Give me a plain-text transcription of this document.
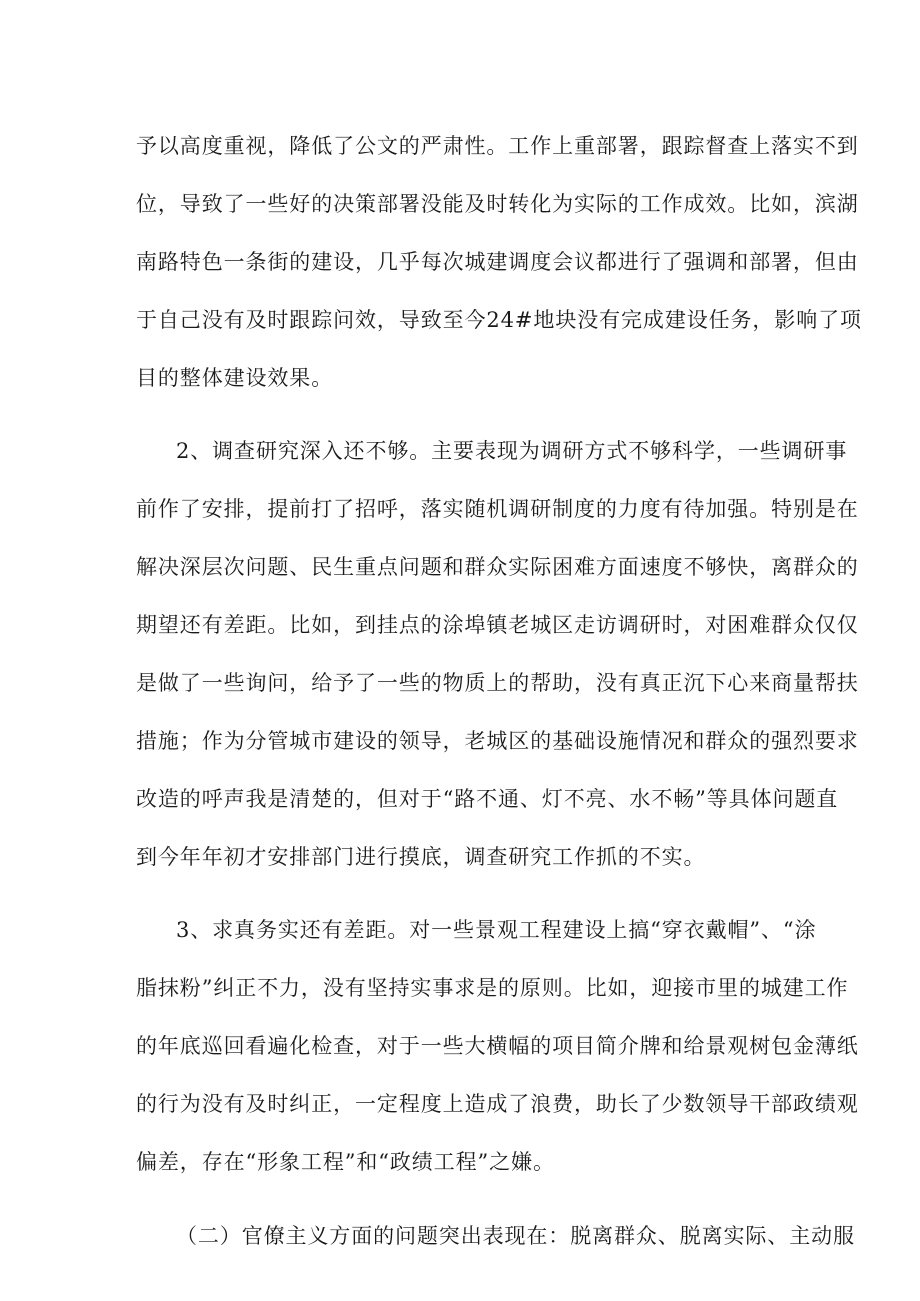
予以高度重视，降低了公文的严肃性。工作上重部署，跟踪督查上落实不到
位，导致了一些好的决策部署没能及时转化为实际的工作成效。比如，滨湖
南路特色一条街的建设，几乎每次城建调度会议都进行了强调和部署，但由
于自己没有及时跟踪问效，导致至今24#地块没有完成建设任务，影响了项
目的整体建设效果。
2、调查研究深入还不够。主要表现为调研方式不够科学，一些调研事
前作了安排，提前打了招呼，落实随机调研制度的力度有待加强。特别是在
解决深层次问题、民生重点问题和群众实际困难方面速度不够快，离群众的
期望还有差距。比如，到挂点的涂埠镇老城区走访调研时，对困难群众仅仅
是做了一些询问，给予了一些的物质上的帮助，没有真正沉下心来商量帮扶
措施；作为分管城市建设的领导，老城区的基础设施情况和群众的强烈要求
改造的呼声我是清楚的，但对于“路不通、灯不亮、水不畅”等具体问题直
到今年年初才安排部门进行摸底，调查研究工作抓的不实。
3、求真务实还有差距。对一些景观工程建设上搞“穿衣戴帽”、“涂
脂抹粉”纠正不力，没有坚持实事求是的原则。比如，迎接市里的城建工作
的年底巡回看遍化检查，对于一些大横幅的项目简介牌和给景观树包金薄纸
的行为没有及时纠正，一定程度上造成了浪费，助长了少数领导干部政绩观
偏差，存在“形象工程”和“政绩工程”之嫌。
（二）官僚主义方面的问题突出表现在：脱离群众、脱离实际、主动服
